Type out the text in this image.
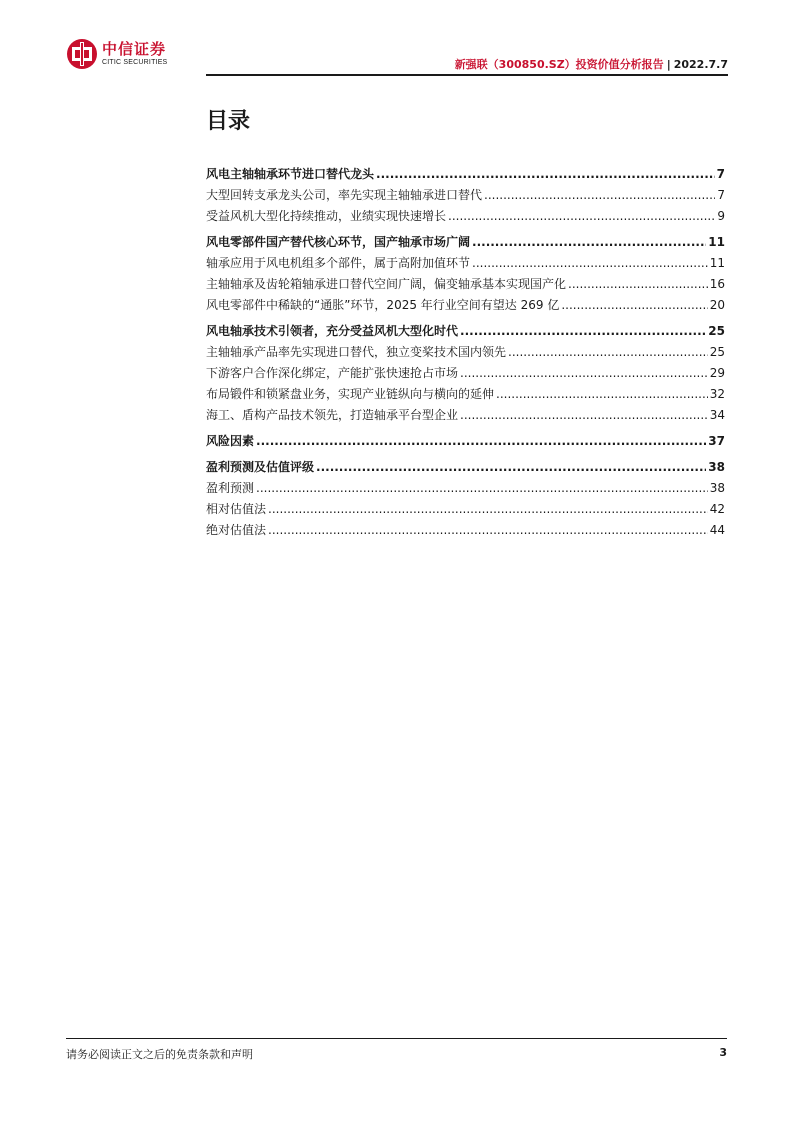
中信证券
CITIC SECURITIES	新强联（300850.SZ）投资价值分析报告 | 2022.7.7
目录
风电主轴轴承环节进口替代龙头 .....	7
大型回转支承龙头公司，率先实现主轴轴承进口替代 .....	7
受益风机大型化持续推动，业绩实现快速增长 .....	9
风电零部件国产替代核心环节，国产轴承市场广阔 .....	11
轴承应用于风电机组多个部件，属于高附加值环节 .....	11
主轴轴承及齿轮箱轴承进口替代空间广阔，偏变轴承基本实现国产化 .....	16
风电零部件中稀缺的“通胀”环节，2025 年行业空间有望达 269 亿 .....	20
风电轴承技术引领者，充分受益风机大型化时代 .....	25
主轴轴承产品率先实现进口替代，独立变桨技术国内领先 .....	25
下游客户合作深化绑定，产能扩张快速抢占市场 .....	29
布局锻件和锁紧盘业务，实现产业链纵向与横向的延伸 .....	32
海工、盾构产品技术领先，打造轴承平台型企业 .....	34
风险因素 .....	37
盈利预测及估值评级 .....	38
盈利预测 .....	38
相对估值法 .....	42
绝对估值法 .....	44
请务必阅读正文之后的免责条款和声明	3
